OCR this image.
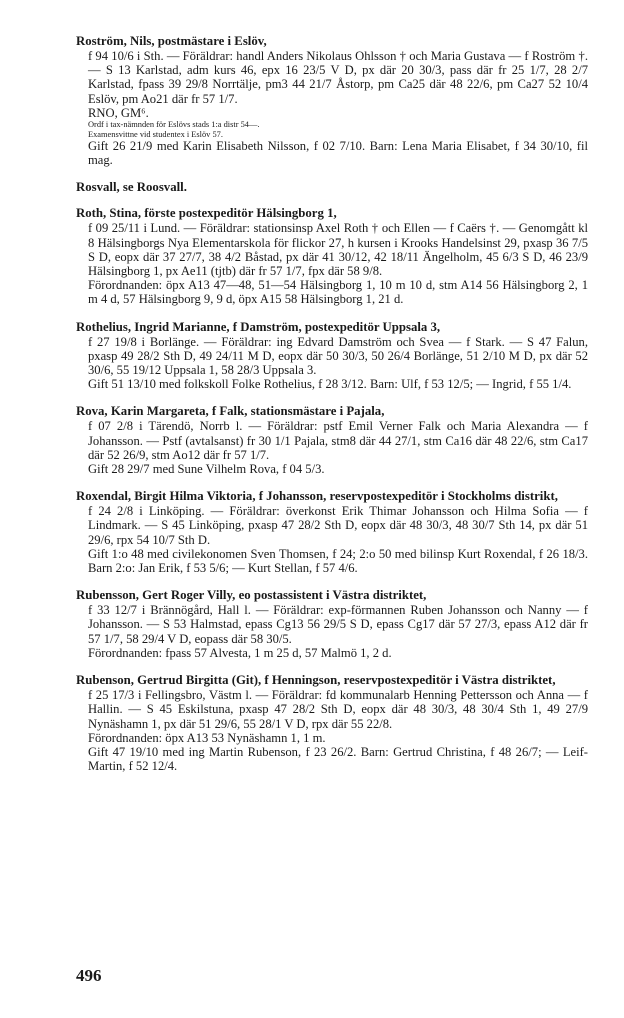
Roström, Nils, postmästare i Eslöv,
f 94 10/6 i Sth. — Föräldrar: handl Anders Nikolaus Ohlsson † och Maria Gustava — f Roström †. — S 13 Karlstad, adm kurs 46, epx 16 23/5 V D, px där 20 30/3, pass där fr 25 1/7, 28 2/7 Karlstad, fpass 39 29/8 Norrtälje, pm3 44 21/7 Åstorp, pm Ca25 där 48 22/6, pm Ca27 52 10/4 Eslöv, pm Ao21 där fr 57 1/7.
RNO, GM⁶.
Ordf i tax-nämnden för Eslövs stads 1:a distr 54—.
Examensvittne vid studentex i Eslöv 57.
Gift 26 21/9 med Karin Elisabeth Nilsson, f 02 7/10. Barn: Lena Maria Elisabet, f 34 30/10, fil mag.
Rosvall, se Roosvall.
Roth, Stina, förste postexpeditör Hälsingborg 1,
f 09 25/11 i Lund. — Föräldrar: stationsinsp Axel Roth † och Ellen — f Caërs †. — Genomgått kl 8 Hälsingborgs Nya Elementarskola för flickor 27, h kursen i Krooks Handelsinst 29, pxasp 36 7/5 S D, eopx där 37 27/7, 38 4/2 Båstad, px där 41 30/12, 42 18/11 Ängelholm, 45 6/3 S D, 46 23/9 Hälsingborg 1, px Ae11 (tjtb) där fr 57 1/7, fpx där 58 9/8.
Förordnanden: öpx A13 47—48, 51—54 Hälsingborg 1, 10 m 10 d, stm A14 56 Hälsingborg 2, 1 m 4 d, 57 Hälsingborg 9, 9 d, öpx A15 58 Hälsingborg 1, 21 d.
Rothelius, Ingrid Marianne, f Damström, postexpeditör Uppsala 3,
f 27 19/8 i Borlänge. — Föräldrar: ing Edvard Damström och Svea — f Stark. — S 47 Falun, pxasp 49 28/2 Sth D, 49 24/11 M D, eopx där 50 30/3, 50 26/4 Borlänge, 51 2/10 M D, px där 52 30/6, 55 19/12 Uppsala 1, 58 28/3 Uppsala 3.
Gift 51 13/10 med folkskoll Folke Rothelius, f 28 3/12. Barn: Ulf, f 53 12/5; — Ingrid, f 55 1/4.
Rova, Karin Margareta, f Falk, stationsmästare i Pajala,
f 07 2/8 i Tärendö, Norrb l. — Föräldrar: pstf Emil Verner Falk och Maria Alexandra — f Johansson. — Pstf (avtalsanst) fr 30 1/1 Pajala, stm8 där 44 27/1, stm Ca16 där 48 22/6, stm Ca17 där 52 26/9, stm Ao12 där fr 57 1/7.
Gift 28 29/7 med Sune Vilhelm Rova, f 04 5/3.
Roxendal, Birgit Hilma Viktoria, f Johansson, reservpostexpeditör i Stockholms distrikt,
f 24 2/8 i Linköping. — Föräldrar: överkonst Erik Thimar Johansson och Hilma Sofia — f Lindmark. — S 45 Linköping, pxasp 47 28/2 Sth D, eopx där 48 30/3, 48 30/7 Sth 14, px där 51 29/6, rpx 54 10/7 Sth D.
Gift 1:o 48 med civilekonomen Sven Thomsen, f 24; 2:o 50 med bilinsp Kurt Roxendal, f 26 18/3. Barn 2:o: Jan Erik, f 53 5/6; — Kurt Stellan, f 57 4/6.
Rubensson, Gert Roger Villy, eo postassistent i Västra distriktet,
f 33 12/7 i Brännögård, Hall l. — Föräldrar: exp-förmannen Ruben Johansson och Nanny — f Johansson. — S 53 Halmstad, epass Cg13 56 29/5 S D, epass Cg17 där 57 27/3, epass A12 där fr 57 1/7, 58 29/4 V D, eopass där 58 30/5.
Förordnanden: fpass 57 Alvesta, 1 m 25 d, 57 Malmö 1, 2 d.
Rubenson, Gertrud Birgitta (Git), f Henningson, reservpostexpeditör i Västra distriktet,
f 25 17/3 i Fellingsbro, Västm l. — Föräldrar: fd kommunalarb Henning Pettersson och Anna — f Hallin. — S 45 Eskilstuna, pxasp 47 28/2 Sth D, eopx där 48 30/3, 48 30/4 Sth 1, 49 27/9 Nynäshamn 1, px där 51 29/6, 55 28/1 V D, rpx där 55 22/8.
Förordnanden: öpx A13 53 Nynäshamn 1, 1 m.
Gift 47 19/10 med ing Martin Rubenson, f 23 26/2. Barn: Gertrud Christina, f 48 26/7; — Leif-Martin, f 52 12/4.
496
